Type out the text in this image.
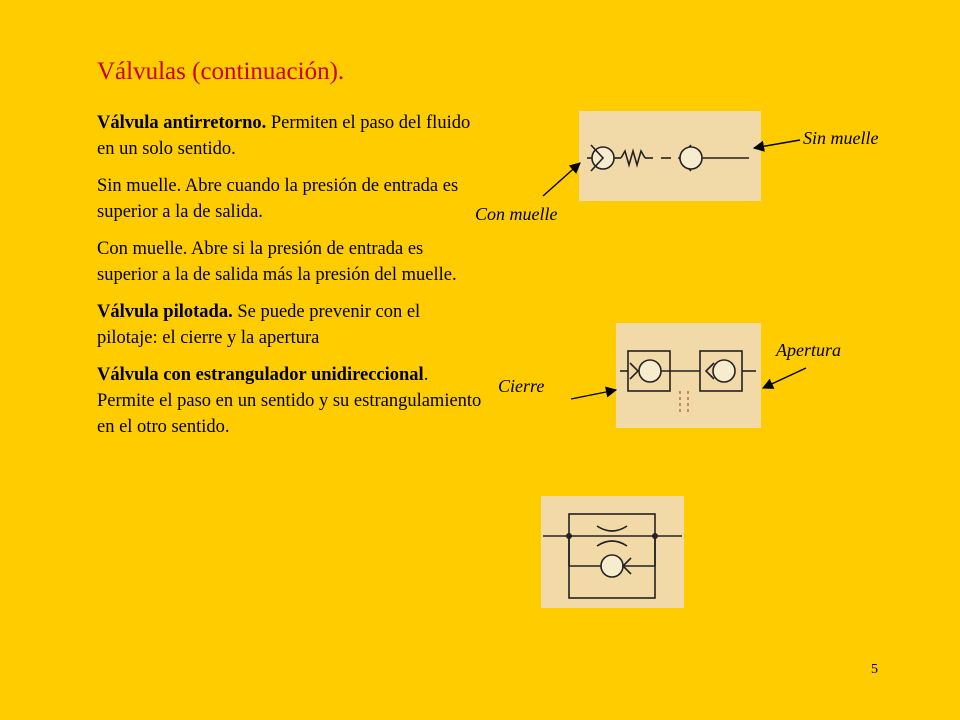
Válvulas (continuación).

Válvula antirretorno. Permiten el paso del fluido en un solo sentido.

Sin muelle. Abre cuando la presión de entrada es superior a la de salida.

Con muelle. Abre si la presión de entrada es superior a la de salida más la presión del muelle.

Válvula pilotada. Se puede prevenir con el pilotaje: el cierre y la apertura

Válvula con estrangulador unidireccional. Permite el paso en un sentido y su estrangulamiento en el otro sentido.

Sin muelle
Con muelle
Apertura
Cierre
5
